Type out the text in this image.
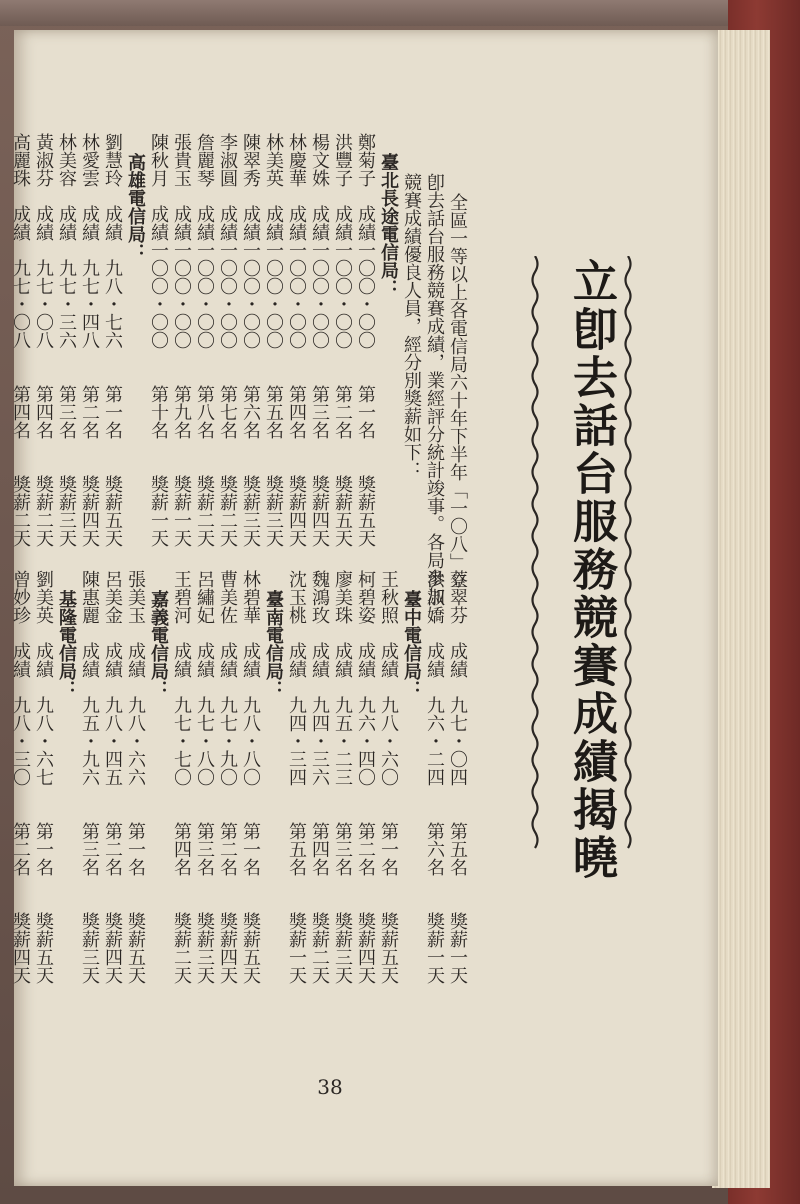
立卽去話台服務競賽成績揭曉
全區一等以上各電信局六十年下半年「一〇八」立
卽去話台服務競賽成績，業經評分統計竣事。各局參加
競賽成績優良人員，經分別獎薪如下：
臺北長途電信局：
鄭菊子　成績一〇〇・〇〇　　第一名　　獎薪五天
洪豐子　成績一〇〇・〇〇　　第二名　　獎薪五天
楊文姝　成績一〇〇・〇〇　　第三名　　獎薪四天
林慶華　成績一〇〇・〇〇　　第四名　　獎薪四天
林美英　成績一〇〇・〇〇　　第五名　　獎薪三天
陳翠秀　成績一〇〇・〇〇　　第六名　　獎薪三天
李淑圓　成績一〇〇・〇〇　　第七名　　獎薪二天
詹麗琴　成績一〇〇・〇〇　　第八名　　獎薪二天
張貴玉　成績一〇〇・〇〇　　第九名　　獎薪一天
陳秋月　成績一〇〇・〇〇　　第十名　　獎薪一天
高雄電信局：
劉慧玲　成績　九八・七六　　第一名　　獎薪五天
林愛雲　成績　九七・四八　　第二名　　獎薪四天
林美容　成績　九七・三六　　第三名　　獎薪三天
黃淑芬　成績　九七・〇八　　第四名　　獎薪二天
高麗珠　成績　九七・〇八　　第四名　　獎薪二天
蔡翠芬　成績　九七・〇四　　第五名　　獎薪一天
洪淑嬌　成績　九六・二四　　第六名　　獎薪一天
臺中電信局：
王秋照　成績　九八・六〇　　第一名　　獎薪五天
柯碧姿　成績　九六・四〇　　第二名　　獎薪四天
廖美珠　成績　九五・二三　　第三名　　獎薪三天
魏鴻玫　成績　九四・三六　　第四名　　獎薪二天
沈玉桃　成績　九四・三四　　第五名　　獎薪一天
臺南電信局：
林碧華　成績　九八・八〇　　第一名　　獎薪五天
曹美佐　成績　九七・九〇　　第二名　　獎薪四天
呂繡妃　成績　九七・八〇　　第三名　　獎薪三天
王碧河　成績　九七・七〇　　第四名　　獎薪二天
嘉義電信局：
張美玉　成績　九八・六六　　第一名　　獎薪五天
呂美金　成績　九八・四五　　第二名　　獎薪四天
陳惠麗　成績　九五・九六　　第三名　　獎薪三天
基隆電信局：
劉美英　成績　九八・六七　　第一名　　獎薪五天
曾妙珍　成績　九八・三〇　　第二名　　獎薪四天
38
